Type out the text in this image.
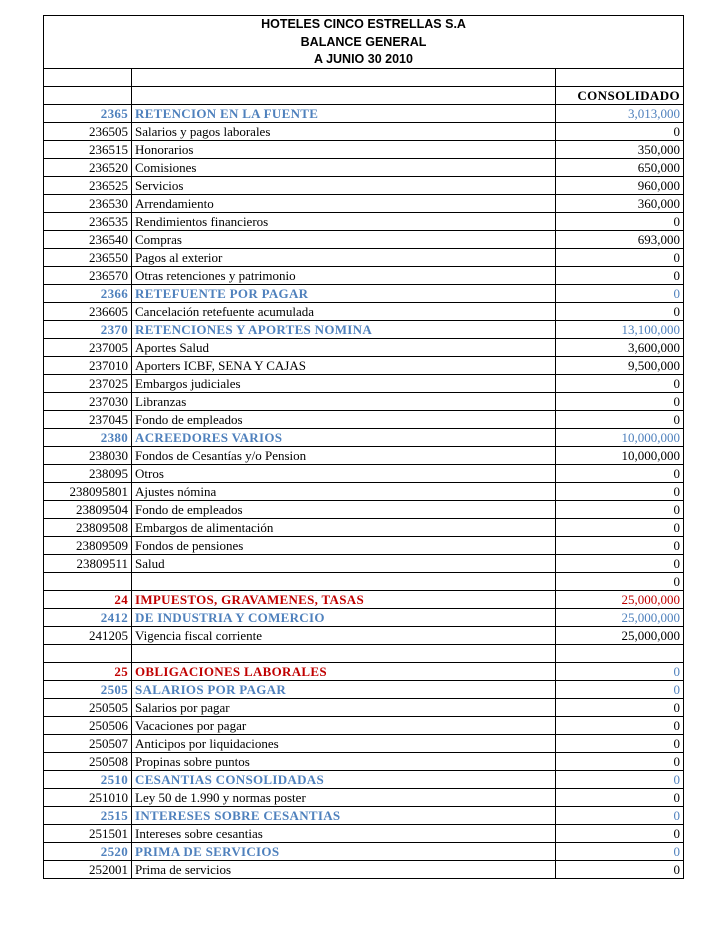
HOTELES CINCO ESTRELLAS S.A		
BALANCE GENERAL		
A JUNIO 30 2010		

		CONSOLIDADO
2365	RETENCION EN LA FUENTE	3,013,000
236505	Salarios y pagos laborales	0
236515	Honorarios	350,000
236520	Comisiones	650,000
236525	Servicios	960,000
236530	Arrendamiento	360,000
236535	Rendimientos financieros	0
236540	Compras	693,000
236550	Pagos al exterior	0
236570	Otras retenciones y patrimonio	0
2366	RETEFUENTE POR PAGAR	0
236605	Cancelación retefuente acumulada	0
2370	RETENCIONES Y APORTES NOMINA	13,100,000
237005	Aportes Salud	3,600,000
237010	Aporters ICBF, SENA Y CAJAS	9,500,000
237025	Embargos judiciales	0
237030	Libranzas	0
237045	Fondo de empleados	0
2380	ACREEDORES VARIOS	10,000,000
238030	Fondos de Cesantías y/o Pension	10,000,000
238095	Otros	0
238095801	Ajustes nómina	0
23809504	Fondo de empleados	0
23809508	Embargos de alimentación	0
23809509	Fondos de pensiones	0
23809511	Salud	0
		0
24	IMPUESTOS, GRAVAMENES, TASAS	25,000,000
2412	DE INDUSTRIA Y COMERCIO	25,000,000
241205	Vigencia fiscal corriente	25,000,000

25	OBLIGACIONES LABORALES	0
2505	SALARIOS POR PAGAR	0
250505	Salarios por pagar	0
250506	Vacaciones por pagar	0
250507	Anticipos por liquidaciones	0
250508	Propinas sobre puntos	0
2510	CESANTIAS CONSOLIDADAS	0
251010	Ley 50 de 1.990 y normas poster	0
2515	INTERESES SOBRE CESANTIAS	0
251501	Intereses sobre cesantias	0
2520	PRIMA DE SERVICIOS	0
252001	Prima de servicios	0
